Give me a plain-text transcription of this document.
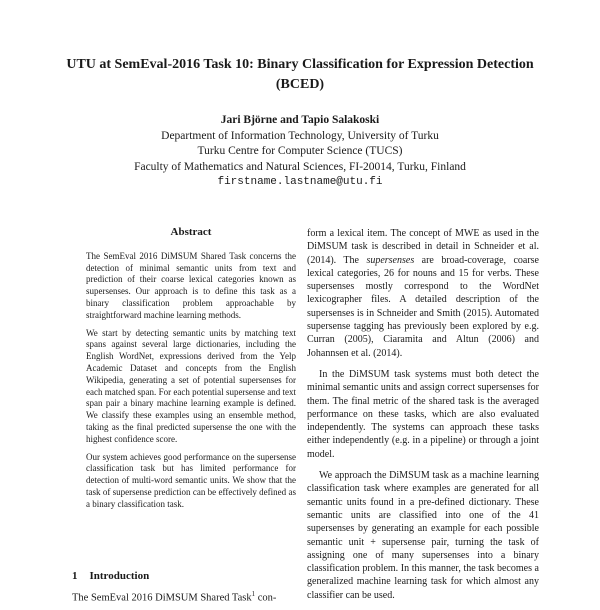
UTU at SemEval-2016 Task 10: Binary Classification for Expression Detection (BCED)
Jari Björne and Tapio Salakoski
Department of Information Technology, University of Turku
Turku Centre for Computer Science (TUCS)
Faculty of Mathematics and Natural Sciences, FI-20014, Turku, Finland
firstname.lastname@utu.fi
Abstract

The SemEval 2016 DiMSUM Shared Task concerns the detection of minimal semantic units from text and prediction of their coarse lexical categories known as supersenses. Our approach is to define this task as a binary classification problem approachable by straightforward machine learning methods.

We start by detecting semantic units by matching text spans against several large dictionaries, including the English WordNet, expressions derived from the Yelp Academic Dataset and concepts from the English Wikipedia, generating a set of potential supersenses for each matched span. For each potential supersense and text span pair a binary machine learning example is defined. We classify these examples using an ensemble method, taking as the final predicted supersense the one with the highest confidence score.

Our system achieves good performance on the supersense classification task but has limited performance for detection of multi-word semantic units. We show that the task of supersense prediction can be effectively defined as a binary classification task.

form a lexical item. The concept of MWE as used in the DiMSUM task is described in detail in Schneider et al. (2014). The supersenses are broad-coverage, coarse lexical categories, 26 for nouns and 15 for verbs. These supersenses mostly correspond to the WordNet lexicographer files. A detailed description of the supersenses is in Schneider and Smith (2015). Automated supersense tagging has previously been explored by e.g. Curran (2005), Ciaramita and Altun (2006) and Johannsen et al. (2014).

In the DiMSUM task systems must both detect the minimal semantic units and assign correct supersenses for them. The final metric of the shared task is the averaged performance on these tasks, which are also evaluated independently. The systems can approach these tasks either independently (e.g. in a pipeline) or through a joint model.

We approach the DiMSUM task as a machine learning classification task where examples are generated for all semantic units found in a pre-defined dictionary. These semantic units are classified into one of the 41 supersenses by generating an example for each possible semantic unit + supersense pair, turning the task of assigning one of many supersenses into a binary classification problem. In this manner, the task becomes a generalized machine learning task for which almost any classifier can be used.

1 Introduction
The SemEval 2016 DiMSUM Shared Task$^1$ con-
